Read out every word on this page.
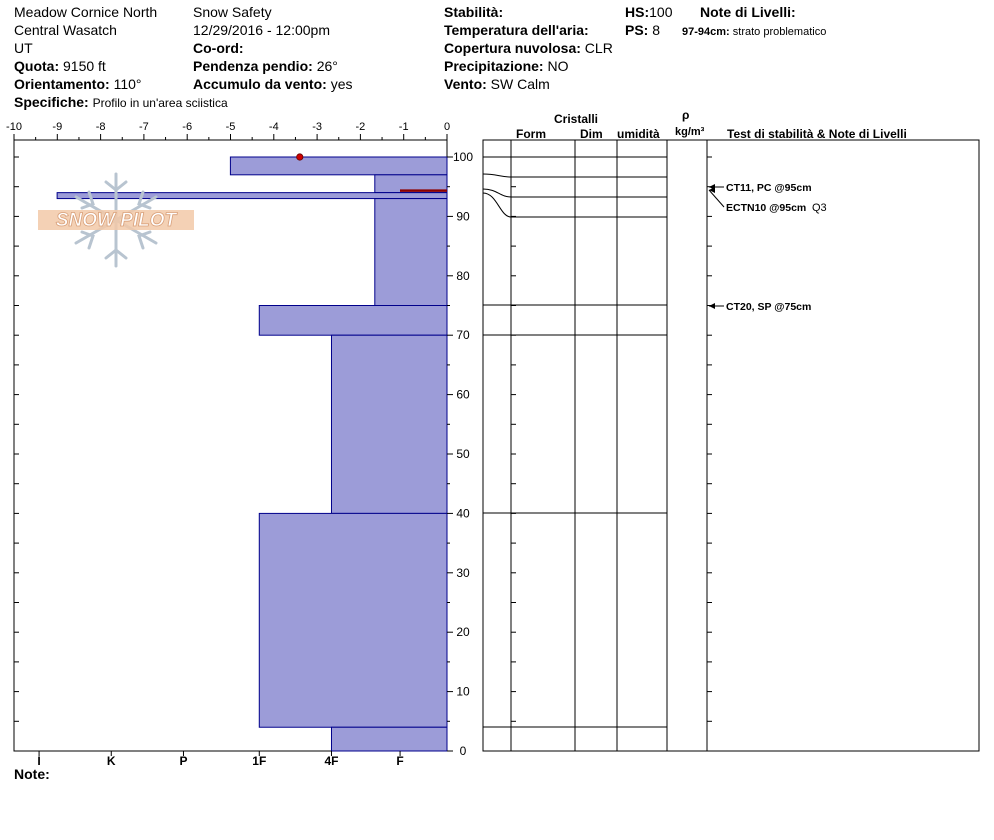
Meadow Cornice North
Central Wasatch
UT
Quota: 9150 ft
Orientamento: 110°
Specifiche: Profilo in un'area sciistica
Snow Safety
12/29/2016 - 12:00pm
Co-ord:
Pendenza pendio: 26°
Accumulo da vento: yes
Stabilità:
Temperatura dell'aria:
Copertura nuvolosa: CLR
Precipitazione: NO
Vento: SW Calm
HS:100
PS: 8
Note di Livelli:
97-94cm: strato problematico
-10	-9	-8	-7	-6	-5	-4	-3	-2	-1	0
I	K	P	1F	4F	F
100
90
80
70
60
50
40
30
20
10
0
CT11, PC @95cm
ECTN10 @95cm Q3
CT20, SP @75cm
Cristalli
Form	Dim umidità
ρ
kg/m³ Test di stabilità & Note di Livelli
SNOW PILOT
Note:
